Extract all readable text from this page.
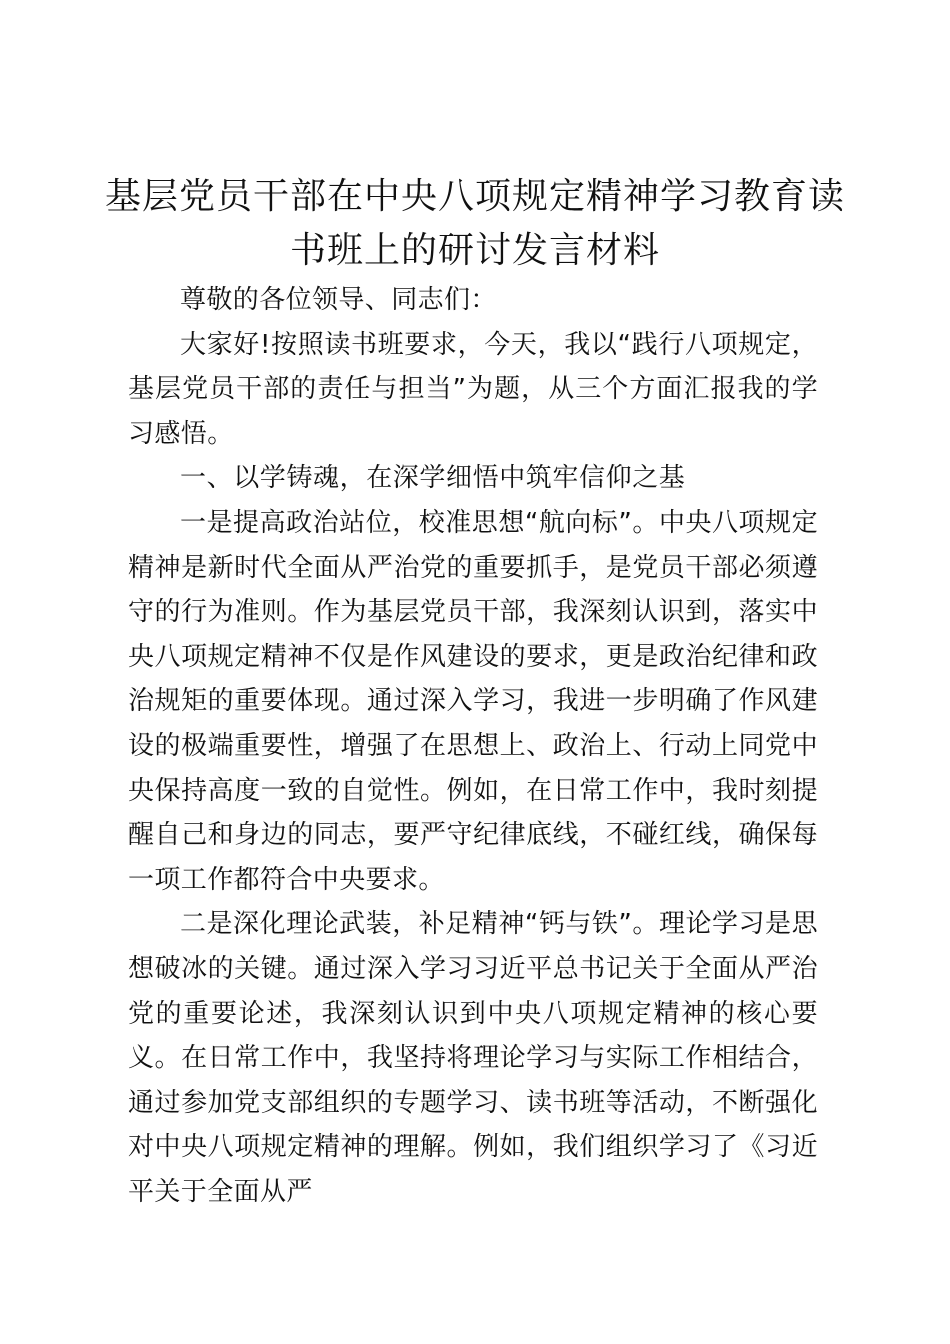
基层党员干部在中央八项规定精神学习教育读书班上的研讨发言材料

尊敬的各位领导、同志们：

大家好!按照读书班要求，今天，我以“践行八项规定，基层党员干部的责任与担当”为题，从三个方面汇报我的学习感悟。

一、以学铸魂，在深学细悟中筑牢信仰之基

一是提高政治站位，校准思想“航向标”。中央八项规定精神是新时代全面从严治党的重要抓手，是党员干部必须遵守的行为准则。作为基层党员干部，我深刻认识到，落实中央八项规定精神不仅是作风建设的要求，更是政治纪律和政治规矩的重要体现。通过深入学习，我进一步明确了作风建设的极端重要性，增强了在思想上、政治上、行动上同党中央保持高度一致的自觉性。例如，在日常工作中，我时刻提醒自己和身边的同志，要严守纪律底线，不碰红线，确保每一项工作都符合中央要求。

二是深化理论武装，补足精神“钙与铁”。理论学习是思想破冰的关键。通过深入学习习近平总书记关于全面从严治党的重要论述，我深刻认识到中央八项规定精神的核心要义。在日常工作中，我坚持将理论学习与实际工作相结合，通过参加党支部组织的专题学习、读书班等活动，不断强化对中央八项规定精神的理解。例如，我们组织学习了《习近平关于全面从严
